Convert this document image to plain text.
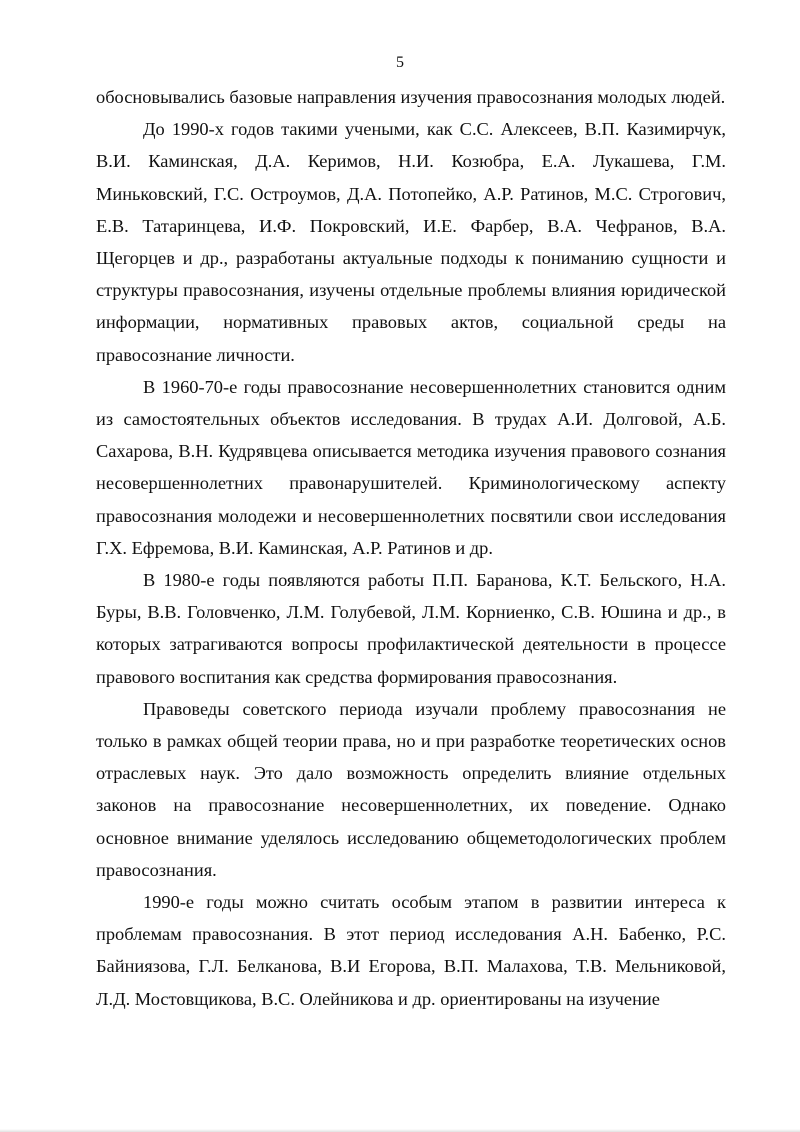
5

обосновывались базовые направления изучения правосознания молодых людей.

До 1990-х годов такими учеными, как С.С. Алексеев, В.П. Казимирчук, В.И. Каминская, Д.А. Керимов, Н.И. Козюбра, Е.А. Лукашева, Г.М. Миньковский, Г.С. Остроумов, Д.А. Потопейко, А.Р. Ратинов, М.С. Строгович, Е.В. Татаринцева, И.Ф. Покровский, И.Е. Фарбер, В.А. Чефранов, В.А. Щегорцев и др., разработаны актуальные подходы к пониманию сущности и структуры правосознания, изучены отдельные проблемы влияния юридической информации, нормативных правовых актов, социальной среды на правосознание личности.

В 1960-70-е годы правосознание несовершеннолетних становится одним из самостоятельных объектов исследования. В трудах А.И. Долговой, А.Б. Сахарова, В.Н. Кудрявцева описывается методика изучения правового сознания несовершеннолетних правонарушителей. Криминологическому аспекту правосознания молодежи и несовершеннолетних посвятили свои исследования Г.Х. Ефремова, В.И. Каминская, А.Р. Ратинов и др.

В 1980-е годы появляются работы П.П. Баранова, К.Т. Бельского, Н.А. Буры, В.В. Головченко, Л.М. Голубевой, Л.М. Корниенко, С.В. Юшина и др., в которых затрагиваются вопросы профилактической деятельности в процессе правового воспитания как средства формирования правосознания.

Правоведы советского периода изучали проблему правосознания не только в рамках общей теории права, но и при разработке теоретических основ отраслевых наук. Это дало возможность определить влияние отдельных законов на правосознание несовершеннолетних, их поведение. Однако основное внимание уделялось исследованию общеметодологических проблем правосознания.

1990-е годы можно считать особым этапом в развитии интереса к проблемам правосознания. В этот период исследования А.Н. Бабенко, Р.С. Байниязова, Г.Л. Белканова, В.И Егорова, В.П. Малахова, Т.В. Мельниковой, Л.Д. Мостовщикова, В.С. Олейникова и др. ориентированы на изучение
